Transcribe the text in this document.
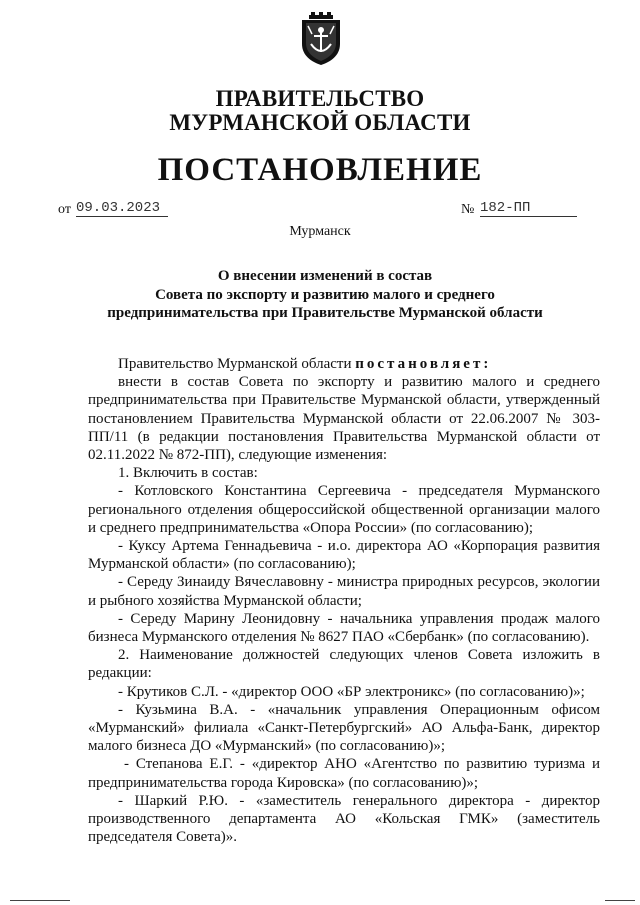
ПРАВИТЕЛЬСТВО
МУРМАНСКОЙ ОБЛАСТИ
ПОСТАНОВЛЕНИЕ
от 09.03.2023	№ 182-ПП
Мурманск
О внесении изменений в состав
Совета по экспорту и развитию малого и среднего
предпринимательства при Правительстве Мурманской области

Правительство Мурманской области постановляет:

внести в состав Совета по экспорту и развитию малого и среднего

предпринимательства при Правительстве Мурманской области, утвержденный постановлением Правительства Мурманской области от 22.06.2007 № 303-ПП/11 (в редакции постановления Правительства Мурманской области от 02.11.2022 № 872-ПП), следующие изменения:

1. Включить в состав:

- Котловского Константина Сергеевича - председателя Мурманского регионального отделения общероссийской общественной организации малого и среднего предпринимательства «Опора России» (по согласованию);

- Куксу Артема Геннадьевича - и.о. директора АО «Корпорация развития Мурманской области» (по согласованию);

- Середу Зинаиду Вячеславовну - министра природных ресурсов, экологии и рыбного хозяйства Мурманской области;

- Середу Марину Леонидовну - начальника управления продаж малого бизнеса Мурманского отделения № 8627 ПАО «Сбербанк» (по согласованию).

2. Наименование должностей следующих членов Совета изложить в редакции:

- Крутиков С.Л. - «директор ООО «БР электроникс» (по согласованию)»;

- Кузьмина В.А. - «начальник управления Операционным офисом «Мурманский» филиала «Санкт-Петербургский» АО Альфа-Банк, директор малого бизнеса ДО «Мурманский» (по согласованию)»;

- Степанова Е.Г. - «директор АНО «Агентство по развитию туризма и предпринимательства города Кировска» (по согласованию)»;

- Шаркий Р.Ю. - «заместитель генерального директора - директор производственного департамента АО «Кольская ГМК» (заместитель председателя Совета)».
